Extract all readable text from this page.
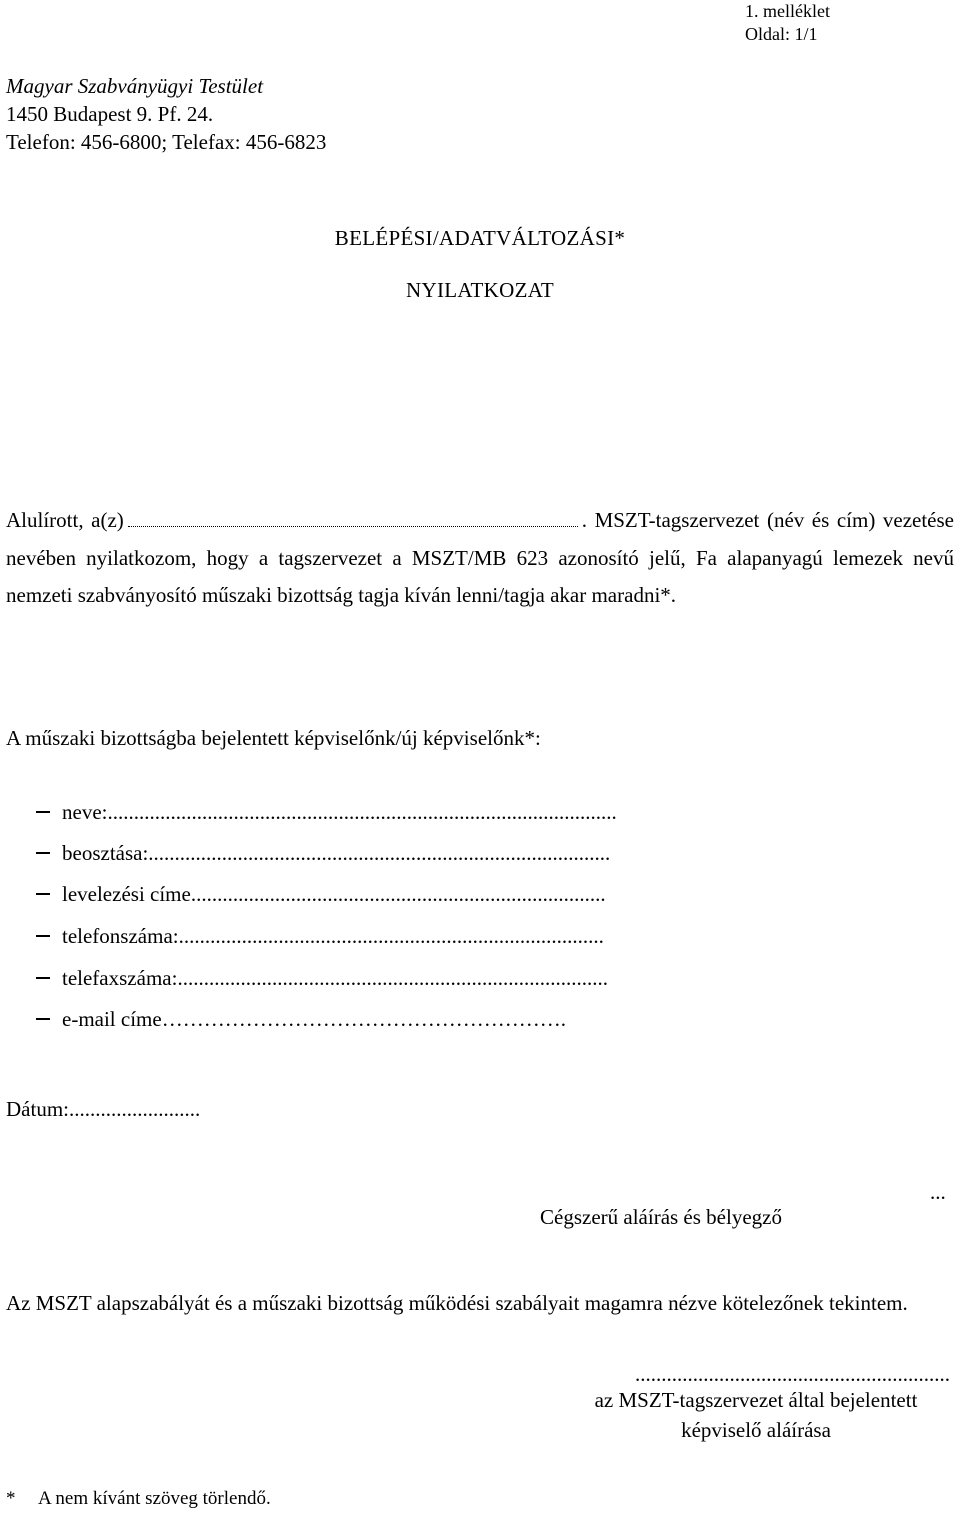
1. melléklet
Oldal: 1/1
Magyar Szabványügyi Testület
1450 Budapest 9. Pf. 24.
Telefon: 456-6800; Telefax: 456-6823
BELÉPÉSI/ADATVÁLTOZÁSI*
NYILATKOZAT
Alulírott, a(z)	. MSZT-tagszervezet (név és cím) vezetése nevében nyilatkozom, hogy a tagszervezet a MSZT/MB 623 azonosító jelű, Fa alapanyagú lemezek nevű nemzeti szabványosító műszaki bizottság tagja kíván lenni/tagja akar maradni*.
A műszaki bizottságba bejelentett képviselőnk/új képviselőnk*:
neve:.................................................................................................
beosztása:........................................................................................
levelezési címe...............................................................................
telefonszáma:.................................................................................
telefaxszáma:..................................................................................
e-mail címe………………………………………………….
Dátum:.........................
...
Cégszerű aláírás és bélyegző
Az MSZT alapszabályát és a műszaki bizottság működési szabályait magamra nézve kötelezőnek tekintem.
............................................................
az MSZT-tagszervezet által bejelentett
képviselő aláírása
* A nem kívánt szöveg törlendő.
